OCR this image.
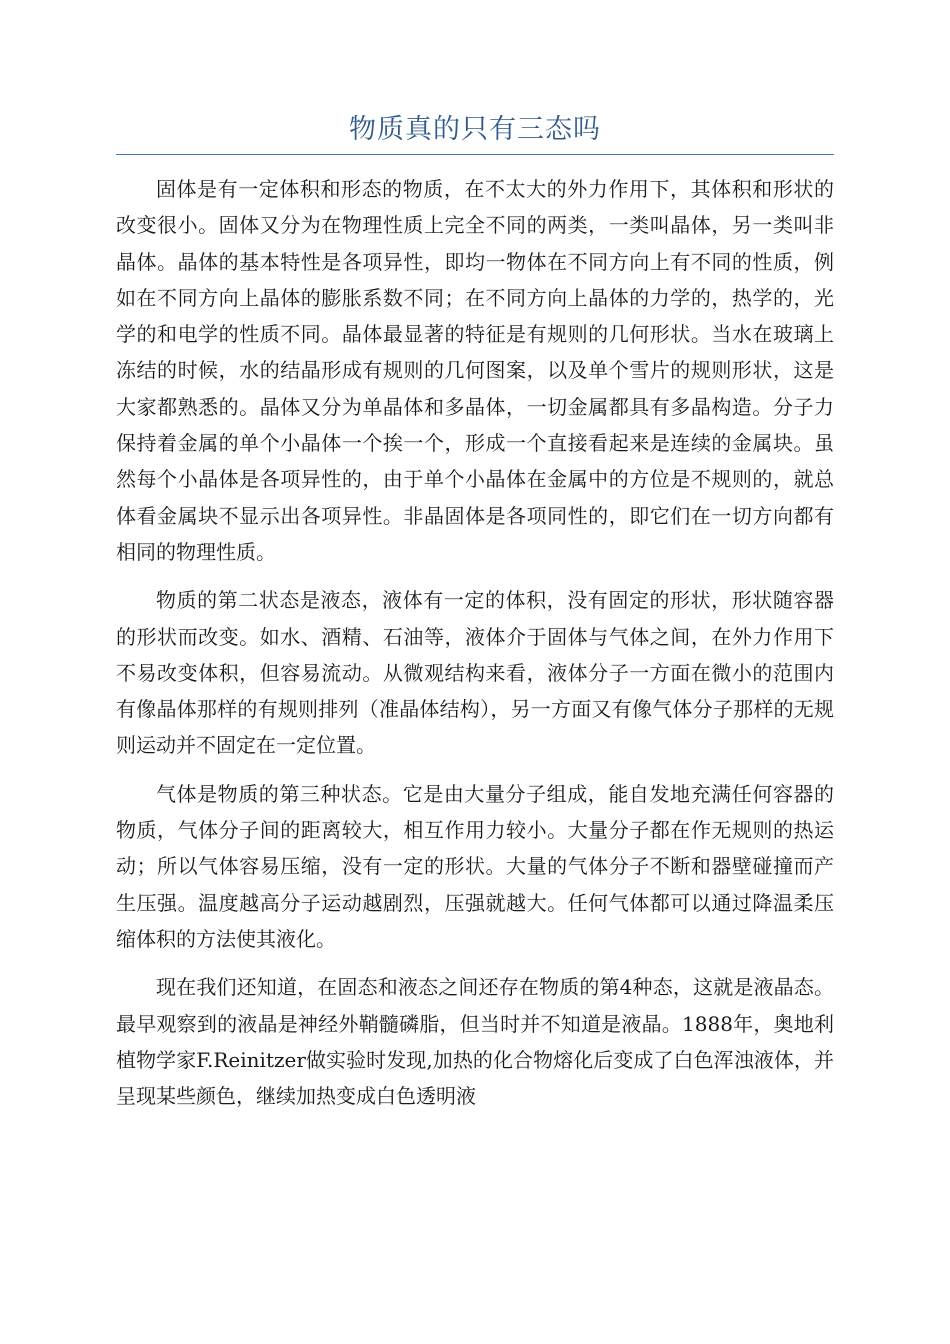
物质真的只有三态吗

固体是有一定体积和形态的物质，在不太大的外力作用下，其体积和形状的改变很小。固体又分为在物理性质上完全不同的两类，一类叫晶体，另一类叫非晶体。晶体的基本特性是各项异性，即均一物体在不同方向上有不同的性质，例如在不同方向上晶体的膨胀系数不同；在不同方向上晶体的力学的，热学的，光学的和电学的性质不同。晶体最显著的特征是有规则的几何形状。当水在玻璃上冻结的时候，水的结晶形成有规则的几何图案，以及单个雪片的规则形状，这是大家都熟悉的。晶体又分为单晶体和多晶体，一切金属都具有多晶构造。分子力保持着金属的单个小晶体一个挨一个，形成一个直接看起来是连续的金属块。虽然每个小晶体是各项异性的，由于单个小晶体在金属中的方位是不规则的，就总体看金属块不显示出各项异性。非晶固体是各项同性的，即它们在一切方向都有相同的物理性质。

物质的第二状态是液态，液体有一定的体积，没有固定的形状，形状随容器的形状而改变。如水、酒精、石油等，液体介于固体与气体之间，在外力作用下不易改变体积，但容易流动。从微观结构来看，液体分子一方面在微小的范围内有像晶体那样的有规则排列（准晶体结构），另一方面又有像气体分子那样的无规则运动并不固定在一定位置。

气体是物质的第三种状态。它是由大量分子组成，能自发地充满任何容器的物质，气体分子间的距离较大，相互作用力较小。大量分子都在作无规则的热运动；所以气体容易压缩，没有一定的形状。大量的气体分子不断和器壁碰撞而产生压强。温度越高分子运动越剧烈，压强就越大。任何气体都可以通过降温柔压缩体积的方法使其液化。

现在我们还知道，在固态和液态之间还存在物质的第4种态，这就是液晶态。最早观察到的液晶是神经外鞘髓磷脂，但当时并不知道是液晶。1888年，奥地利植物学家F.Reinitzer做实验时发现,加热的化合物熔化后变成了白色浑浊液体，并呈现某些颜色，继续加热变成白色透明液
